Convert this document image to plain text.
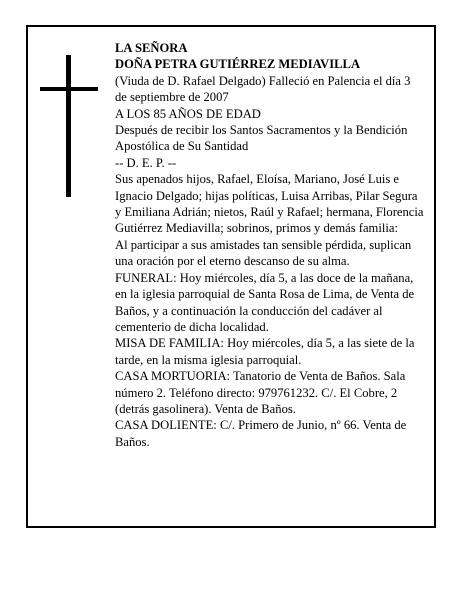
LA SEÑORA

DOÑA PETRA GUTIÉRREZ MEDIAVILLA

(Viuda de D. Rafael Delgado) Falleció en Palencia el día 3 de septiembre de 2007

A LOS 85 AÑOS DE EDAD

Después de recibir los Santos Sacramentos y la Bendición Apostólica de Su Santidad

-- D. E. P. --

Sus apenados hijos, Rafael, Eloísa, Mariano, José Luis e Ignacio Delgado; hijas políticas, Luisa Arribas, Pilar Segura y Emiliana Adrián; nietos, Raúl y Rafael; hermana, Florencia Gutiérrez Mediavilla; sobrinos, primos y demás familia:

Al participar a sus amistades tan sensible pérdida, suplican una oración por el eterno descanso de su alma.

FUNERAL: Hoy miércoles, día 5, a las doce de la mañana, en la iglesia parroquial de Santa Rosa de Lima, de Venta de Baños, y a continuación la conducción del cadáver al cementerio de dicha localidad.

MISA DE FAMILIA: Hoy miércoles, día 5, a las siete de la tarde, en la misma iglesia parroquial.

CASA MORTUORIA: Tanatorio de Venta de Baños. Sala número 2. Teléfono directo: 979761232. C/. El Cobre, 2 (detrás gasolinera). Venta de Baños.

CASA DOLIENTE: C/. Primero de Junio, nº 66. Venta de Baños.
